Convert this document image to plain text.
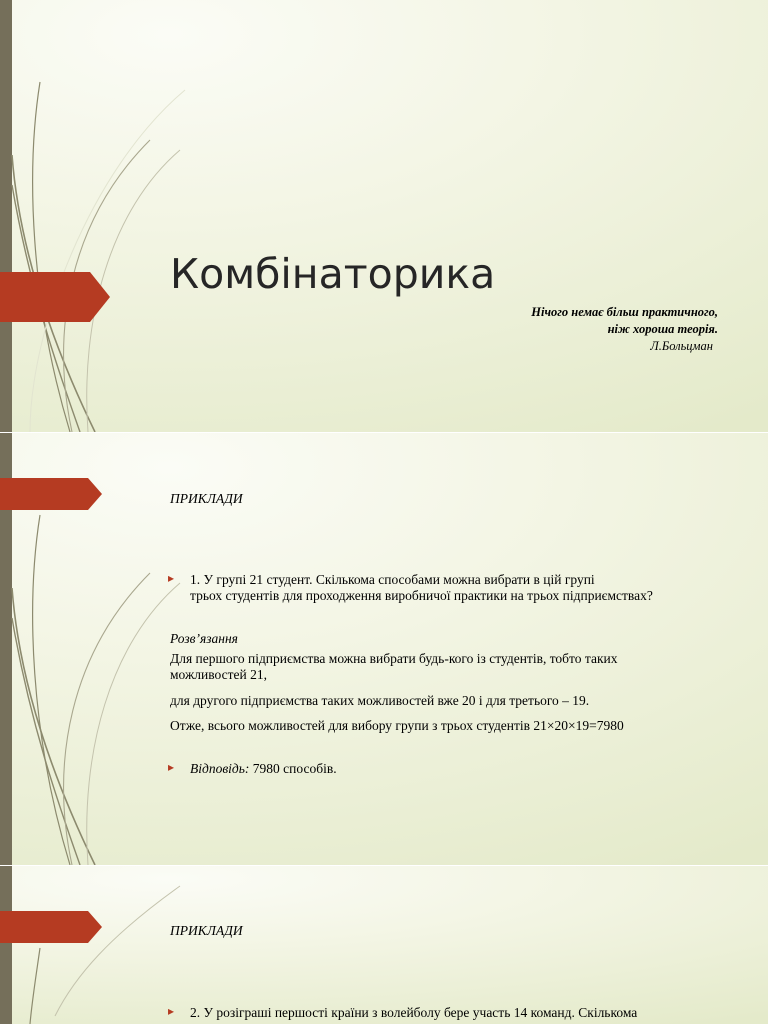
Комбінаторика
Нічого немає більш практичного,
ніж хороша теорія.
Л.Больцман
ПРИКЛАДИ
▸ 1. У групі 21 студент. Скількома способами можна вибрати в цій групі
трьох студентів для проходження виробничої практики на трьох підприємствах?
Розв’язання
Для першого підприємства можна вибрати будь-кого із студентів, тобто таких
можливостей 21,
для другого підприємства таких можливостей вже 20 і для третього – 19.
Отже, всього можливостей для вибору групи з трьох студентів 21×20×19=7980
▸ Відповідь: 7980 способів.
ПРИКЛАДИ
▸ 2. У розіграші першості країни з волейболу бере участь 14 команд. Скількома
